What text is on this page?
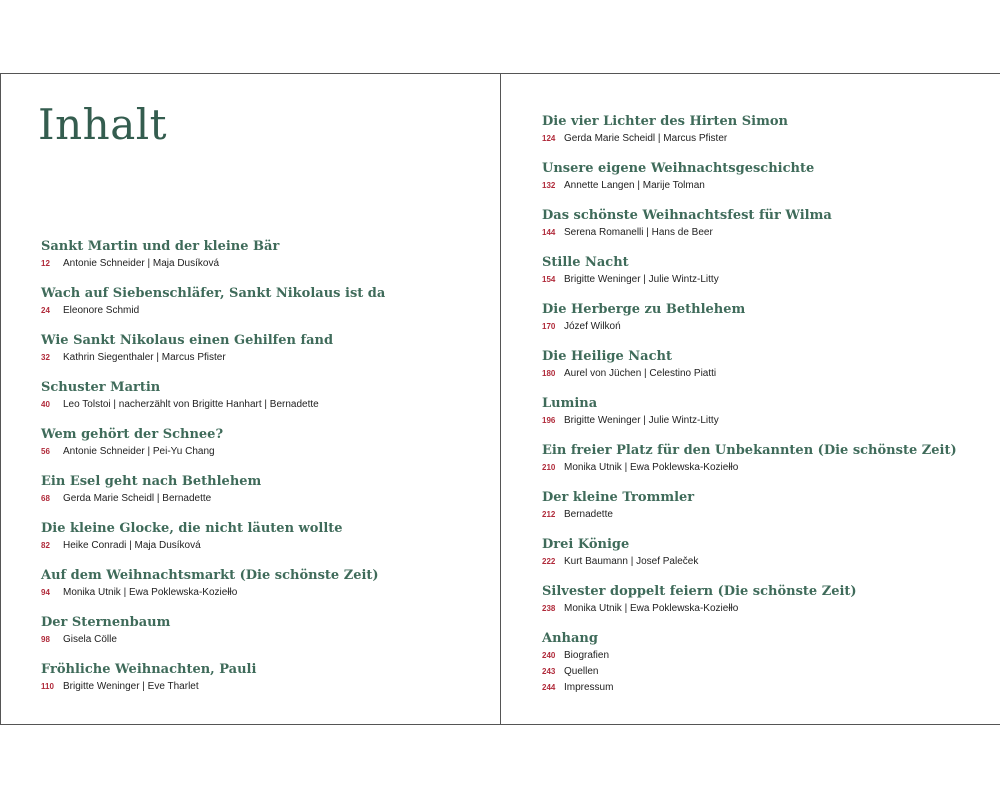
Inhalt
Sankt Martin und der kleine Bär
12 Antonie Schneider | Maja Dusíková
Wach auf Siebenschläfer, Sankt Nikolaus ist da
24 Eleonore Schmid
Wie Sankt Nikolaus einen Gehilfen fand
32 Kathrin Siegenthaler | Marcus Pfister
Schuster Martin
40 Leo Tolstoi | nacherzählt von Brigitte Hanhart | Bernadette
Wem gehört der Schnee?
56 Antonie Schneider | Pei-Yu Chang
Ein Esel geht nach Bethlehem
68 Gerda Marie Scheidl | Bernadette
Die kleine Glocke, die nicht läuten wollte
82 Heike Conradi | Maja Dusíková
Auf dem Weihnachtsmarkt (Die schönste Zeit)
94 Monika Utnik | Ewa Poklewska-Koziełło
Der Sternenbaum
98 Gisela Cölle
Fröhliche Weihnachten, Pauli
110 Brigitte Weninger | Eve Tharlet
Die vier Lichter des Hirten Simon
124 Gerda Marie Scheidl | Marcus Pfister
Unsere eigene Weihnachtsgeschichte
132 Annette Langen | Marije Tolman
Das schönste Weihnachtsfest für Wilma
144 Serena Romanelli | Hans de Beer
Stille Nacht
154 Brigitte Weninger | Julie Wintz-Litty
Die Herberge zu Bethlehem
170 Józef Wilkoń
Die Heilige Nacht
180 Aurel von Jüchen | Celestino Piatti
Lumina
196 Brigitte Weninger | Julie Wintz-Litty
Ein freier Platz für den Unbekannten (Die schönste Zeit)
210 Monika Utnik | Ewa Poklewska-Koziełło
Der kleine Trommler
212 Bernadette
Drei Könige
222 Kurt Baumann | Josef Paleček
Silvester doppelt feiern (Die schönste Zeit)
238 Monika Utnik | Ewa Poklewska-Koziełło
Anhang
240 Biografien
243 Quellen
244 Impressum
